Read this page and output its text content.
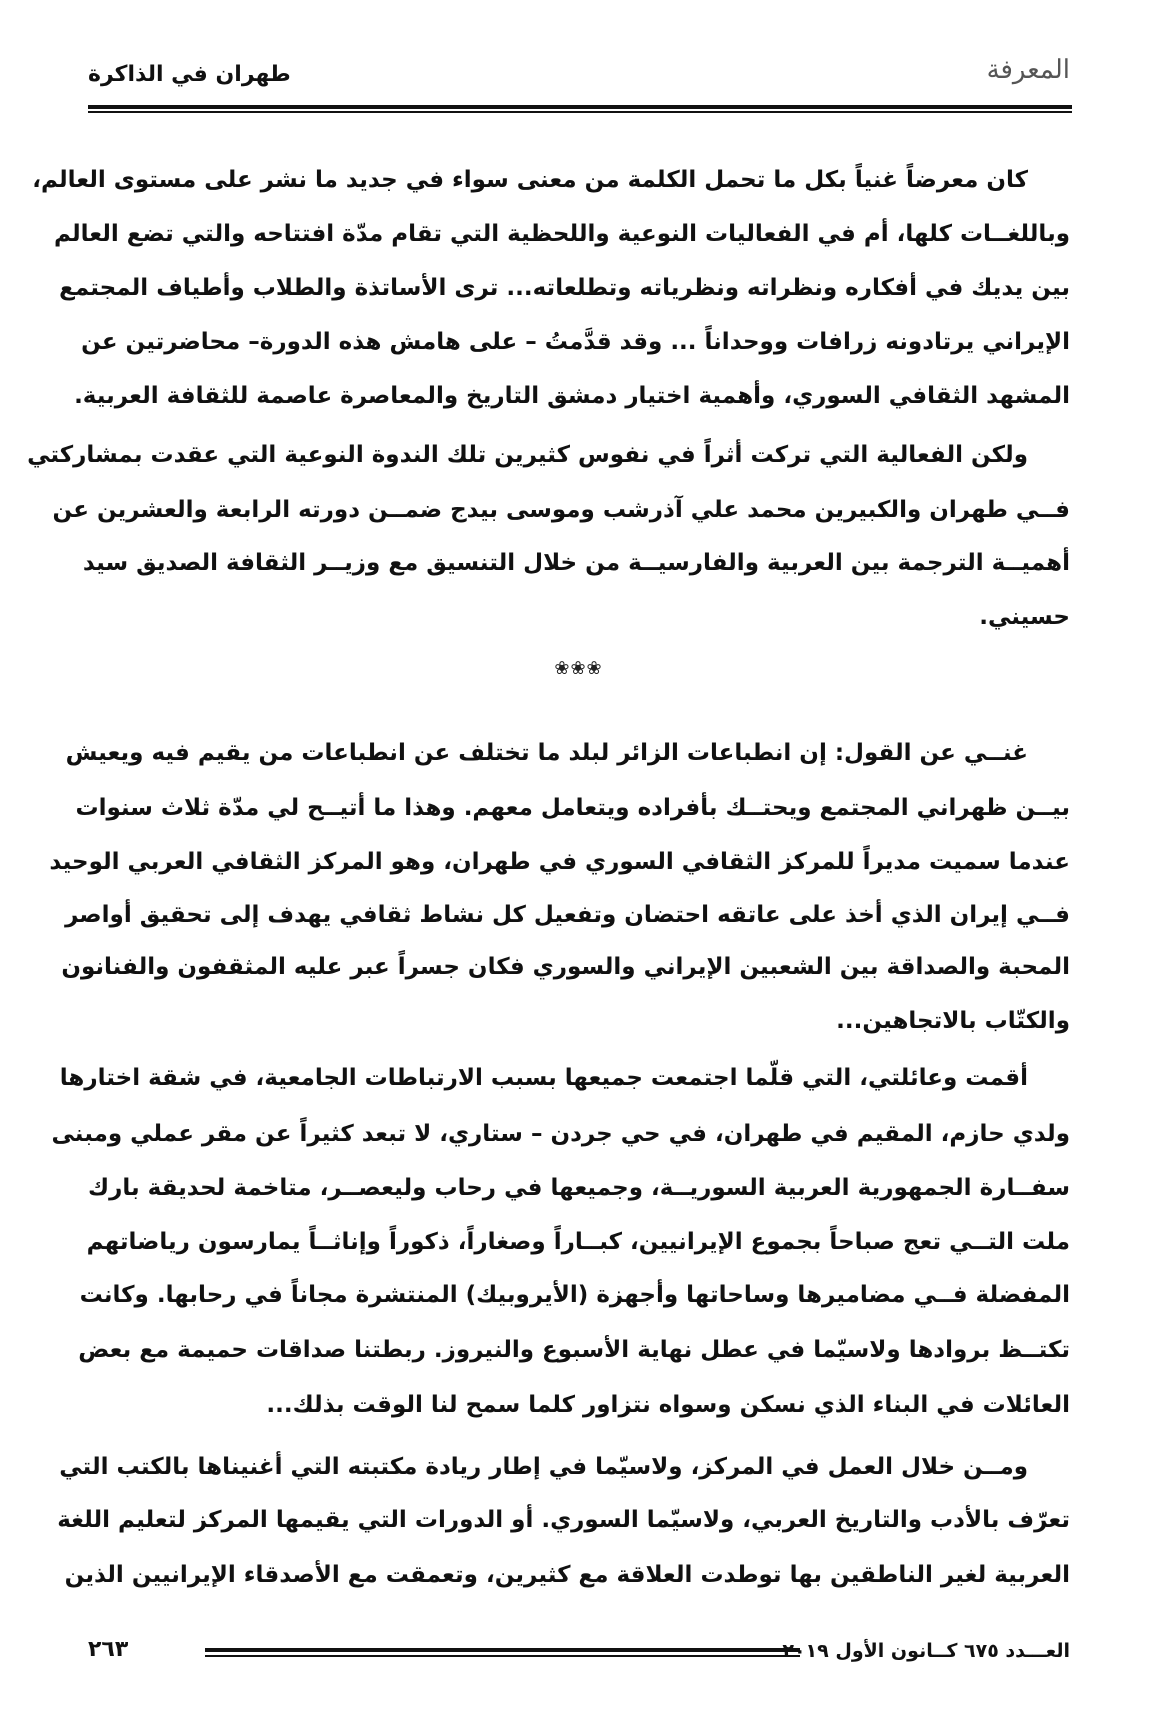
طهران في الذاكرة	المعرفة
كان معرضاً غنياً بكل ما تحمل الكلمة من معنى سواء في جديد ما نشر على مستوى العالم،
وباللغــات كلها، أم في الفعاليات النوعية واللحظية التي تقام مدّة افتتاحه والتي تضع العالم
بين يديك في أفكاره ونظراته ونظرياته وتطلعاته... ترى الأساتذة والطلاب وأطياف المجتمع
الإيراني يرتادونه زرافات ووحداناً ... وقد قدَّمتُ – على هامش هذه الدورة– محاضرتين عن
المشهد الثقافي السوري، وأهمية اختيار دمشق التاريخ والمعاصرة عاصمة للثقافة العربية.
ولكن الفعالية التي تركت أثراً في نفوس كثيرين تلك الندوة النوعية التي عقدت بمشاركتي
فــي طهران والكبيرين محمد علي آذرشب وموسى بيدج ضمــن دورته الرابعة والعشرين عن
أهميــة الترجمة بين العربية والفارسيــة من خلال التنسيق مع وزيــر الثقافة الصديق سيد
حسيني.
غنــي عن القول: إن انطباعات الزائر لبلد ما تختلف عن انطباعات من يقيم فيه ويعيش
بيــن ظهراني المجتمع ويحتــك بأفراده ويتعامل معهم. وهذا ما أتيــح لي مدّة ثلاث سنوات
عندما سميت مديراً للمركز الثقافي السوري في طهران، وهو المركز الثقافي العربي الوحيد
فــي إيران الذي أخذ على عاتقه احتضان وتفعيل كل نشاط ثقافي يهدف إلى تحقيق أواصر
المحبة والصداقة بين الشعبين الإيراني والسوري فكان جسراً عبر عليه المثقفون والفنانون
والكتّاب بالاتجاهين...
أقمت وعائلتي، التي قلّما اجتمعت جميعها بسبب الارتباطات الجامعية، في شقة اختارها
ولدي حازم، المقيم في طهران، في حي جردن – ستاري، لا تبعد كثيراً عن مقر عملي ومبنى
سفــارة الجمهورية العربية السوريــة، وجميعها في رحاب وليعصــر، متاخمة لحديقة بارك
ملت التــي تعج صباحاً بجموع الإيرانيين، كبــاراً وصغاراً، ذكوراً وإناثــاً يمارسون رياضاتهم
المفضلة فــي مضاميرها وساحاتها وأجهزة (الأيروبيك) المنتشرة مجاناً في رحابها. وكانت
تكتــظ بروادها ولاسيّما في عطل نهاية الأسبوع والنيروز. ربطتنا صداقات حميمة مع بعض
العائلات في البناء الذي نسكن وسواه نتزاور كلما سمح لنا الوقت بذلك...
ومــن خلال العمل في المركز، ولاسيّما في إطار ريادة مكتبته التي أغنيناها بالكتب التي
تعرّف بالأدب والتاريخ العربي، ولاسيّما السوري. أو الدورات التي يقيمها المركز لتعليم اللغة
العربية لغير الناطقين بها توطدت العلاقة مع كثيرين، وتعمقت مع الأصدقاء الإيرانيين الذين
❀❀❀
العـــدد ٦٧٥ كــانون الأول ٢٠١٩
٢٦٣
